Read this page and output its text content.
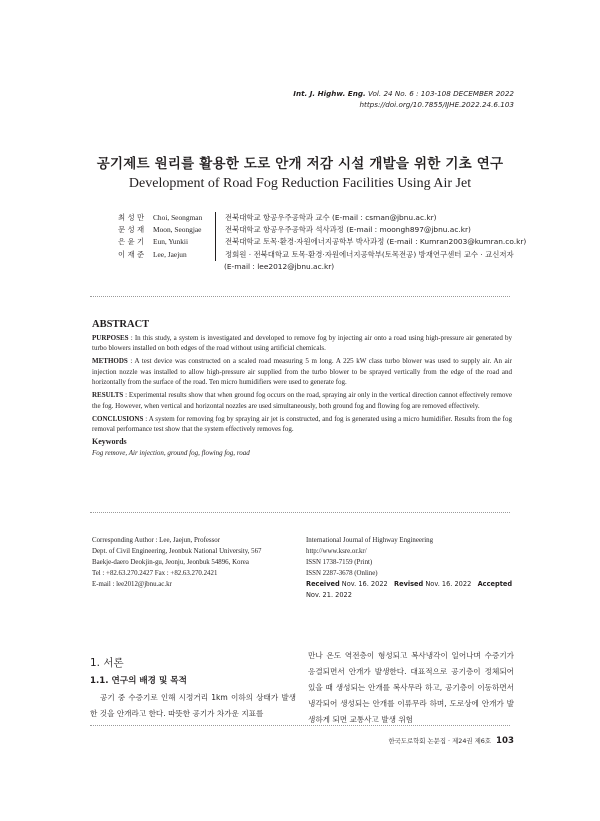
Int. J. Highw. Eng. Vol. 24 No. 6 : 103-108 DECEMBER 2022
https://doi.org/10.7855/IJHE.2022.24.6.103
공기제트 원리를 활용한 도로 안개 저감 시설 개발을 위한 기초 연구
Development of Road Fog Reduction Facilities Using Air Jet
최 성 만	Choi, Seongman	전북대학교 항공우주공학과 교수 (E-mail : csman@jbnu.ac.kr)
문 성 재	Moon, Seongjae	전북대학교 항공우주공학과 석사과정 (E-mail : moongh897@jbnu.ac.kr)
은 윤 기	Eun, Yunkii	전북대학교 토목·환경·자원에너지공학부 박사과정 (E-mail : Kumran2003@kumran.co.kr)
이 재 준	Lee, Jaejun	정회원 · 전북대학교 토목·환경·자원에너지공학부(토목전공) 방재연구센터 교수 · 교신저자
(E-mail : lee2012@jbnu.ac.kr)
ABSTRACT

PURPOSES : In this study, a system is investigated and developed to remove fog by injecting air onto a road using high-pressure air generated by turbo blowers installed on both edges of the road without using artificial chemicals.

METHODS : A test device was constructed on a scaled road measuring 5 m long. A 225 kW class turbo blower was used to supply air. An air injection nozzle was installed to allow high-pressure air supplied from the turbo blower to be sprayed vertically from the edge of the road and horizontally from the surface of the road. Ten micro humidifiers were used to generate fog.

RESULTS : Experimental results show that when ground fog occurs on the road, spraying air only in the vertical direction cannot effectively remove the fog. However, when vertical and horizontal nozzles are used simultaneously, both ground fog and flowing fog are removed effectively.

CONCLUSIONS : A system for removing fog by spraying air jet is constructed, and fog is generated using a micro humidifier. Results from the fog removal performance test show that the system effectively removes fog.

Keywords
Fog remove, Air injection, ground fog, flowing fog, road
Corresponding Author : Lee, Jaejun, Professor
Dept. of Civil Engineering, Jeonbuk National University, 567
Baekje-daero Deokjin-gu, Jeonju, Jeonbuk 54896, Korea
Tel : +82.63.270.2427 Fax : +82.63.270.2421
E-mail : lee2012@jbnu.ac.kr
International Journal of Highway Engineering
http://www.ksre.or.kr/
ISSN 1738-7159 (Print)
ISSN 2287-3678 (Online)
Received Nov. 16. 2022 Revised Nov. 16. 2022 Accepted Nov. 21. 2022
1. 서론
1.1. 연구의 배경 및 목적

공기 중 수증기로 인해 시정거리 1km 이하의 상태가 발생한 것을 안개라고 한다. 따뜻한 공기가 차가운 지표를

만나 온도 역전층이 형성되고 복사냉각이 일어나며 수증기가 응결되면서 안개가 발생한다. 대표적으로 공기층이 정체되어 있을 때 생성되는 안개를 복사무라 하고, 공기층이 이동하면서 냉각되어 생성되는 안개를 이류무라 하며, 도로상에 안개가 발생하게 되면 교통사고 발생 위험

한국도로학회 논문집 · 제24권 제6호 103
